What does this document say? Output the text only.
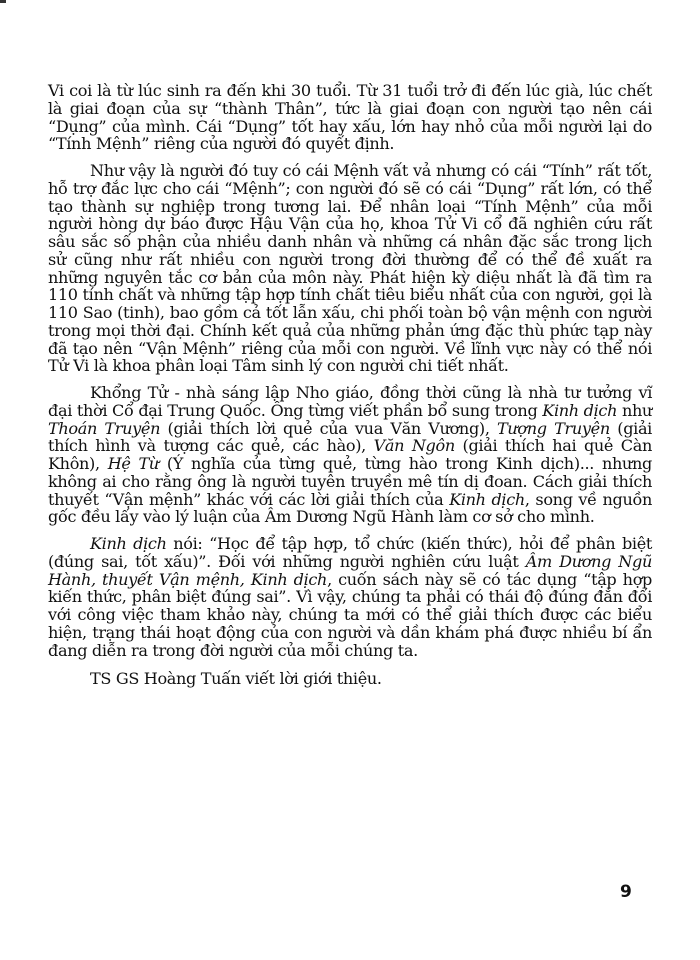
Vi coi là từ lúc sinh ra đến khi 30 tuổi. Từ 31 tuổi trở đi đến lúc già, lúc chết là giai đoạn của sự “thành Thân”, tức là giai đoạn con người tạo nên cái “Dụng” của mình. Cái “Dụng” tốt hay xấu, lớn hay nhỏ của mỗi người lại do “Tính Mệnh” riêng của người đó quyết định.

Như vậy là người đó tuy có cái Mệnh vất vả nhưng có cái “Tính” rất tốt, hỗ trợ đắc lực cho cái “Mệnh”; con người đó sẽ có cái “Dụng” rất lớn, có thể tạo thành sự nghiệp trong tương lai. Để nhân loại “Tính Mệnh” của mỗi người hòng dự báo được Hậu Vận của họ, khoa Tử Vi cổ đã nghiên cứu rất sâu sắc số phận của nhiều danh nhân và những cá nhân đặc sắc trong lịch sử cũng như rất nhiều con người trong đời thường để có thể đề xuất ra những nguyên tắc cơ bản của môn này. Phát hiện kỳ diệu nhất là đã tìm ra 110 tính chất và những tập hợp tính chất tiêu biểu nhất của con người, gọi là 110 Sao (tinh), bao gồm cả tốt lẫn xấu, chi phối toàn bộ vận mệnh con người trong mọi thời đại. Chính kết quả của những phản ứng đặc thù phức tạp này đã tạo nên “Vận Mệnh” riêng của mỗi con người. Về lĩnh vực này có thể nói Tử Vi là khoa phân loại Tâm sinh lý con người chi tiết nhất.

Khổng Tử - nhà sáng lập Nho giáo, đồng thời cũng là nhà tư tưởng vĩ đại thời Cổ đại Trung Quốc. Ông từng viết phần bổ sung trong Kinh dịch như Thoán Truyện (giải thích lời quẻ của vua Văn Vương), Tượng Truyện (giải thích hình và tượng các quẻ, các hào), Văn Ngôn (giải thích hai quẻ Càn Khôn), Hệ Từ (Ý nghĩa của từng quẻ, từng hào trong Kinh dịch)... nhưng không ai cho rằng ông là người tuyên truyền mê tín dị đoan. Cách giải thích thuyết “Vận mệnh” khác với các lời giải thích của Kinh dịch, song về nguồn gốc đều lấy vào lý luận của Âm Dương Ngũ Hành làm cơ sở cho mình.

Kinh dịch nói: “Học để tập hợp, tổ chức (kiến thức), hỏi để phân biệt (đúng sai, tốt xấu)”. Đối với những người nghiên cứu luật Âm Dương Ngũ Hành, thuyết Vận mệnh, Kinh dịch, cuốn sách này sẽ có tác dụng “tập hợp kiến thức, phân biệt đúng sai”. Vì vậy, chúng ta phải có thái độ đúng đắn đối với công việc tham khảo này, chúng ta mới có thể giải thích được các biểu hiện, trạng thái hoạt động của con người và dần khám phá được nhiều bí ẩn đang diễn ra trong đời người của mỗi chúng ta.

TS GS Hoàng Tuấn viết lời giới thiệu.

9
